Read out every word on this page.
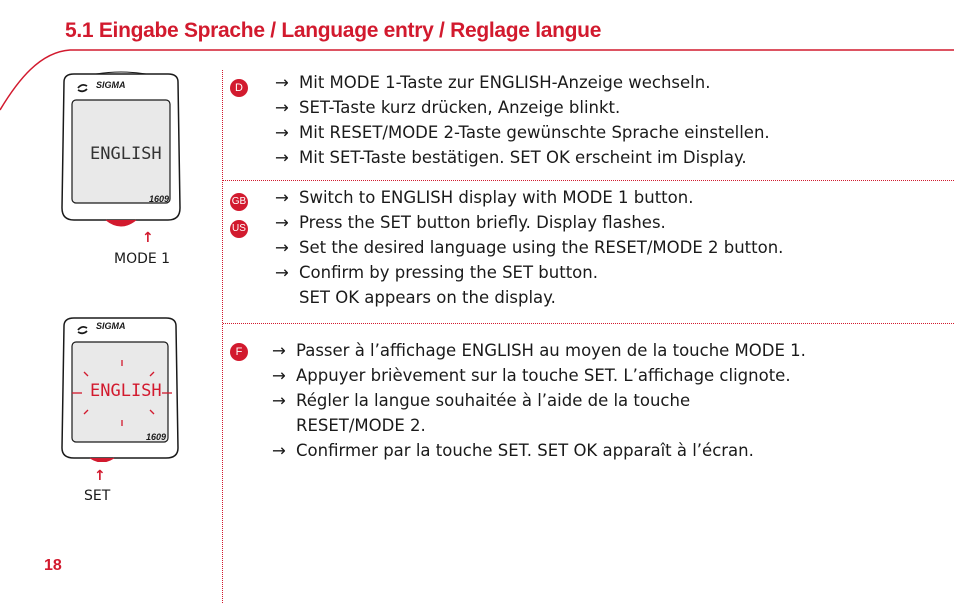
5.1 Eingabe Sprache / Language entry / Reglage langue
SIGMA
ENGLISH
1609
↑
MODE 1
SIGMA
ENGLISH
1609
↑
SET
D	→ Mit MODE 1-Taste zur ENGLISH-Anzeige wechseln.
→ SET-Taste kurz drücken, Anzeige blinkt.
→ Mit RESET/MODE 2-Taste gewünschte Sprache einstellen.
→ Mit SET-Taste bestätigen. SET OK erscheint im Display.
GB
US
→ Switch to ENGLISH display with MODE 1 button.
→ Press the SET button briefly. Display flashes.
→ Set the desired language using the RESET/MODE 2 button.
→ Confirm by pressing the SET button.
SET OK appears on the display.
F	→ Passer à l’affichage ENGLISH au moyen de la touche MODE 1.
→ Appuyer brièvement sur la touche SET. L’affichage clignote.
→ Régler la langue souhaitée à l’aide de la touche
RESET/MODE 2.
→ Confirmer par la touche SET. SET OK apparaît à l’écran.
18
